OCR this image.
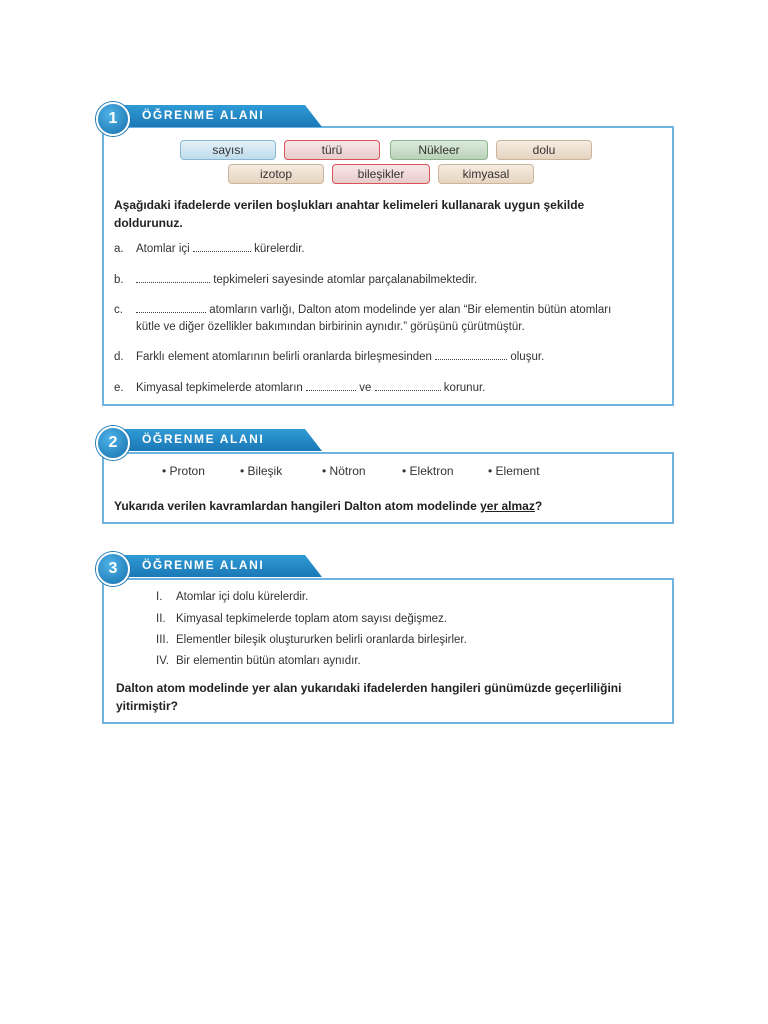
ÖĞRENME ALANI
1
sayısı	türü	Nükleer	dolu
izotop	bileşikler	kimyasal
Aşağıdaki ifadelerde verilen boşlukları anahtar kelimeleri kullanarak uygun şekilde doldurunuz.
a. Atomlar içi	kürelerdir.
b.	tepkimeleri sayesinde atomlar parçalanabilmektedir.
c.	atomların varlığı, Dalton atom modelinde yer alan “Bir elementin bütün atomları
kütle ve diğer özellikler bakımından birbirinin aynıdır.” görüşünü çürütmüştür.
d. Farklı element atomlarının belirli oranlarda birleşmesinden	oluşur.
e. Kimyasal tepkimelerde atomların	ve	korunur.
ÖĞRENME ALANI
2
• Proton	• Bileşik	• Nötron	• Elektron	• Element
Yukarıda verilen kavramlardan hangileri Dalton atom modelinde yer almaz?
ÖĞRENME ALANI
3
I. Atomlar içi dolu kürelerdir.
II. Kimyasal tepkimelerde toplam atom sayısı değişmez.
III. Elementler bileşik oluştururken belirli oranlarda birleşirler.
IV. Bir elementin bütün atomları aynıdır.
Dalton atom modelinde yer alan yukarıdaki ifadelerden hangileri günümüzde geçerliliğini yitirmiştir?
